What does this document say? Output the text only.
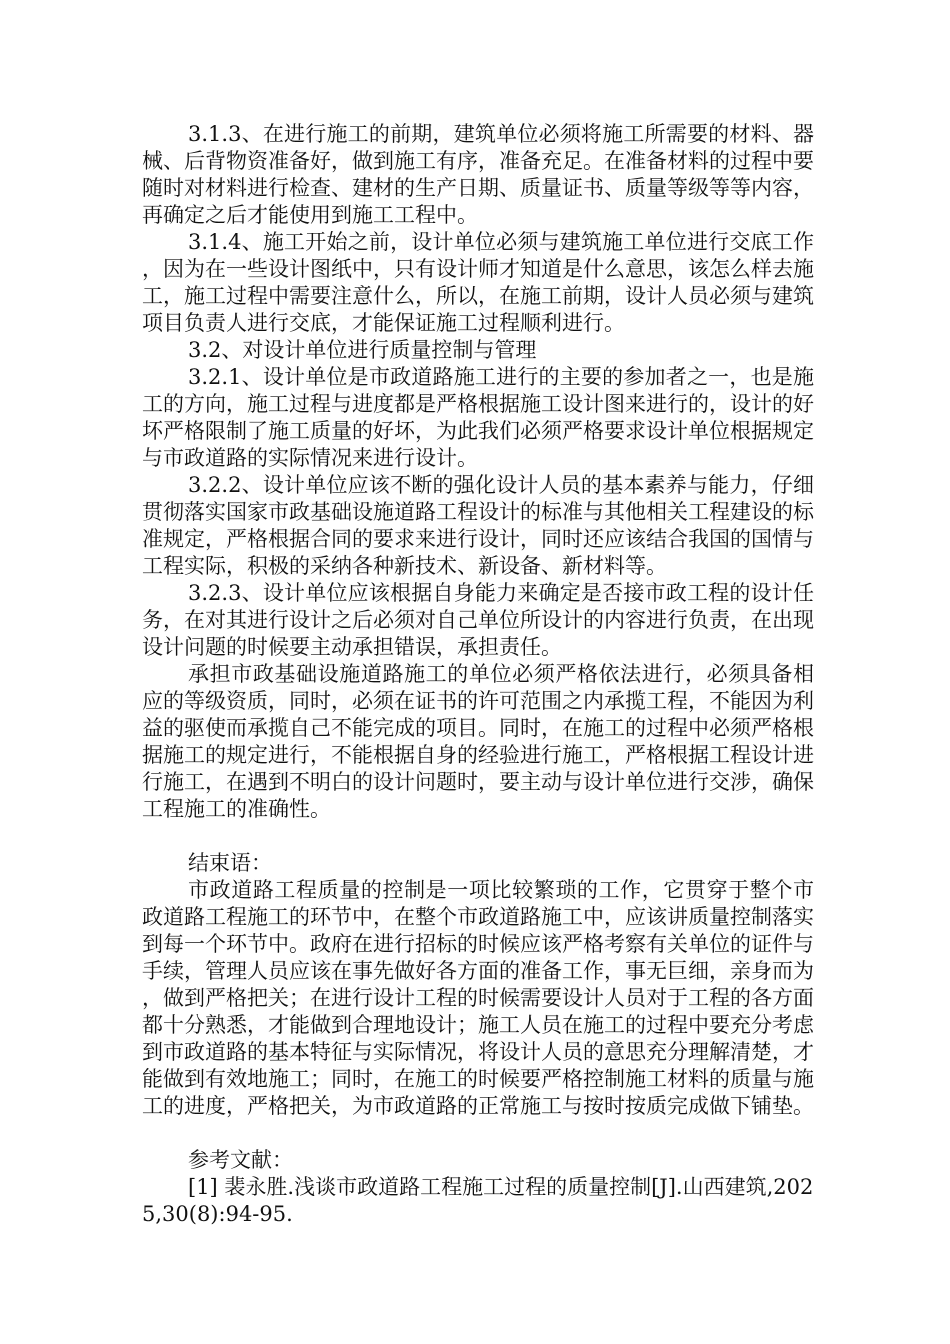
3.1.3、在进行施工的前期，建筑单位必须将施工所需要的材料、器械、后背物资准备好，做到施工有序，准备充足。在准备材料的过程中要随时对材料进行检查、建材的生产日期、质量证书、质量等级等等内容，再确定之后才能使用到施工工程中。

3.1.4、施工开始之前，设计单位必须与建筑施工单位进行交底工作，因为在一些设计图纸中，只有设计师才知道是什么意思，该怎么样去施工，施工过程中需要注意什么，所以，在施工前期，设计人员必须与建筑项目负责人进行交底，才能保证施工过程顺利进行。

3.2、对设计单位进行质量控制与管理

3.2.1、设计单位是市政道路施工进行的主要的参加者之一，也是施工的方向，施工过程与进度都是严格根据施工设计图来进行的，设计的好坏严格限制了施工质量的好坏，为此我们必须严格要求设计单位根据规定与市政道路的实际情况来进行设计。

3.2.2、设计单位应该不断的强化设计人员的基本素养与能力，仔细贯彻落实国家市政基础设施道路工程设计的标准与其他相关工程建设的标准规定，严格根据合同的要求来进行设计，同时还应该结合我国的国情与工程实际，积极的采纳各种新技术、新设备、新材料等。

3.2.3、设计单位应该根据自身能力来确定是否接市政工程的设计任务，在对其进行设计之后必须对自己单位所设计的内容进行负责，在出现设计问题的时候要主动承担错误，承担责任。

承担市政基础设施道路施工的单位必须严格依法进行，必须具备相应的等级资质，同时，必须在证书的许可范围之内承揽工程，不能因为利益的驱使而承揽自己不能完成的项目。同时，在施工的过程中必须严格根据施工的规定进行，不能根据自身的经验进行施工，严格根据工程设计进行施工，在遇到不明白的设计问题时，要主动与设计单位进行交涉，确保工程施工的准确性。

结束语：

市政道路工程质量的控制是一项比较繁琐的工作，它贯穿于整个市政道路工程施工的环节中，在整个市政道路施工中，应该讲质量控制落实到每一个环节中。政府在进行招标的时候应该严格考察有关单位的证件与手续，管理人员应该在事先做好各方面的准备工作，事无巨细，亲身而为，做到严格把关；在进行设计工程的时候需要设计人员对于工程的各方面都十分熟悉，才能做到合理地设计；施工人员在施工的过程中要充分考虑到市政道路的基本特征与实际情况，将设计人员的意思充分理解清楚，才能做到有效地施工；同时，在施工的时候要严格控制施工材料的质量与施工的进度，严格把关，为市政道路的正常施工与按时按质完成做下铺垫。

参考文献：

[1] 裴永胜.浅谈市政道路工程施工过程的质量控制[J].山西建筑,2025,30(8):94-95.
